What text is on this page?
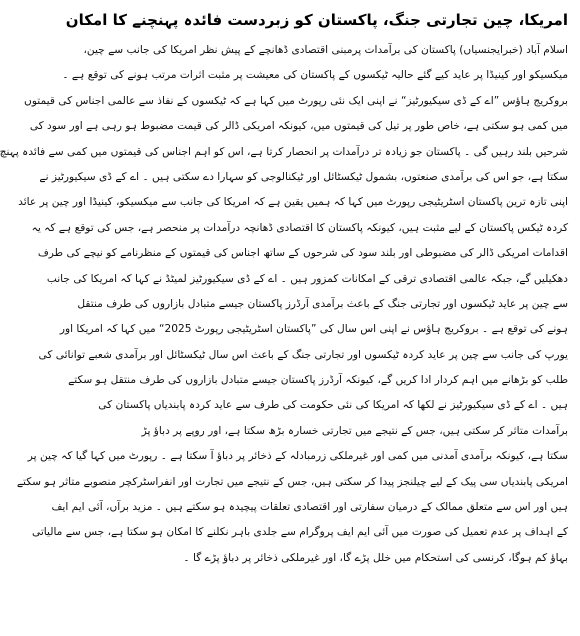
امریکا، چین تجارتی جنگ، پاکستان کو زبردست فائدہ پہنچنے کا امکان
اسلام آباد (خبرایجنسیاں) پاکستان کی برآمدات پرمبنی اقتصادی ڈھانچے کے پیش نظر امریکا کی جانب سے چین،
میکسیکو اور کینیڈا پر عاید کیے گئے حالیہ ٹیکسوں کے پاکستان کی معیشت پر مثبت اثرات مرتب ہونے کی توقع ہے ۔
بروکریج ہاؤس ”اے کے ڈی سیکیورٹیز“ نے اپنی ایک نئی رپورٹ میں کہا ہے کہ ٹیکسوں کے نفاذ سے عالمی اجناس کی قیمتوں
میں کمی ہو سکتی ہے، خاص طور پر تیل کی قیمتوں میں، کیونکہ امریکی ڈالر کی قیمت مضبوط ہو رہی ہے اور سود کی
شرحیں بلند رہیں گی ۔ پاکستان جو زیادہ تر درآمدات پر انحصار کرتا ہے، اس کو اہم اجناس کی قیمتوں میں کمی سے فائدہ پہنچ
سکتا ہے، جو اس کی برآمدی صنعتوں، بشمول ٹیکسٹائل اور ٹیکنالوجی کو سہارا دے سکتی ہیں ۔ اے کے ڈی سیکیورٹیز نے
اپنی تازہ ترین پاکستان اسٹریٹیجی رپورٹ میں کہا کہ ہمیں یقین ہے کہ امریکا کی جانب سے میکسیکو، کینیڈا اور چین پر عائد
کردہ ٹیکس پاکستان کے لیے مثبت ہیں، کیونکہ پاکستان کا اقتصادی ڈھانچہ درآمدات پر منحصر ہے، جس کی توقع ہے کہ یہ
اقدامات امریکی ڈالر کی مضبوطی اور بلند سود کی شرحوں کے ساتھ اجناس کی قیمتوں کے منظرنامے کو نیچے کی طرف
دھکیلیں گے، جبکہ عالمی اقتصادی ترقی کے امکانات کمزور ہیں ۔ اے کے ڈی سیکیورٹیز لمیٹڈ نے کہا کہ امریکا کی جانب
سے چین پر عاید ٹیکسوں اور تجارتی جنگ کے باعث برآمدی آرڈرز پاکستان جیسے متبادل بازاروں کی طرف منتقل
ہونے کی توقع ہے ۔ بروکریج ہاؤس نے اپنی اس سال کی ”پاکستان اسٹریٹیجی رپورٹ 2025“ میں کہا کہ امریکا اور
یورپ کی جانب سے چین پر عاید کردہ ٹیکسوں اور تجارتی جنگ کے باعث اس سال ٹیکسٹائل اور برآمدی شعبے توانائی کی
طلب کو بڑھانے میں اہم کردار ادا کریں گے، کیونکہ آرڈرز پاکستان جیسے متبادل بازاروں کی طرف منتقل ہو سکتے
ہیں ۔ اے کے ڈی سیکیورٹیز نے لکھا کہ امریکا کی نئی حکومت کی طرف سے عاید کردہ پابندیاں پاکستان کی
برآمدات متاثر کر سکتی ہیں، جس کے نتیجے میں تجارتی خسارہ بڑھ سکتا ہے، اور روپے پر دباؤ پڑ
سکتا ہے، کیونکہ برآمدی آمدنی میں کمی اور غیرملکی زرمبادلہ کے ذخائر پر دباؤ آ سکتا ہے ۔ رپورٹ میں کہا گیا کہ چین پر
امریکی پابندیاں سی پیک کے لیے چیلنجز پیدا کر سکتی ہیں، جس کے نتیجے میں تجارت اور انفراسٹرکچر منصوبے متاثر ہو سکتے
ہیں اور اس سے متعلق ممالک کے درمیان سفارتی اور اقتصادی تعلقات پیچیدہ ہو سکتے ہیں ۔ مزید برآں، آئی ایم ایف
کے اہداف پر عدم تعمیل کی صورت میں آئی ایم ایف پروگرام سے جلدی باہر نکلنے کا امکان ہو سکتا ہے، جس سے مالیاتی
بہاؤ کم ہوگا، کرنسی کی استحکام میں خلل پڑے گا، اور غیرملکی ذخائر پر دباؤ پڑے گا ۔
